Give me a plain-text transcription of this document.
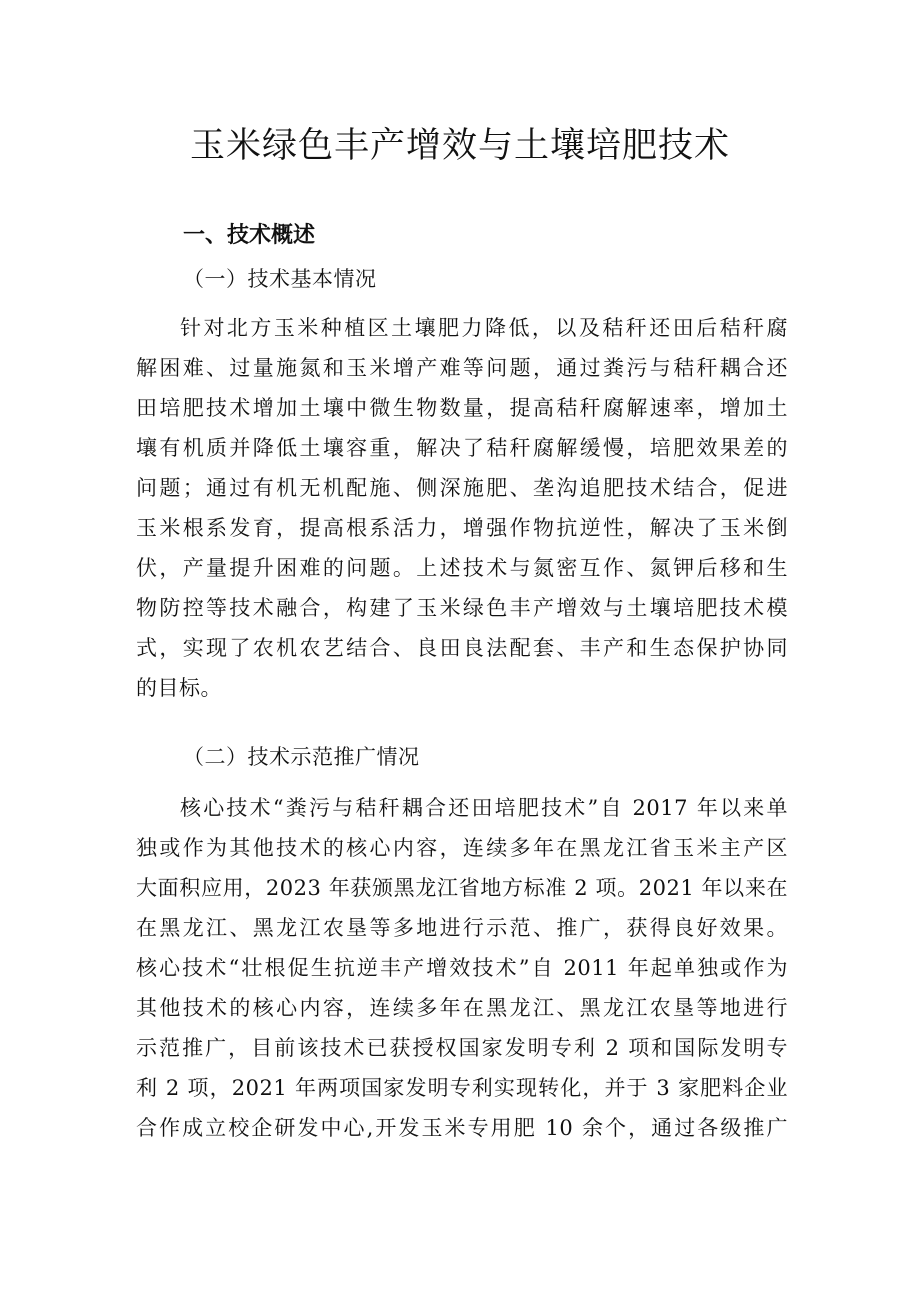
玉米绿色丰产增效与土壤培肥技术
一、技术概述
（一）技术基本情况
针对北方玉米种植区土壤肥力降低，以及秸秆还田后秸秆腐
解困难、过量施氮和玉米增产难等问题，通过粪污与秸秆耦合还
田培肥技术增加土壤中微生物数量，提高秸秆腐解速率，增加土
壤有机质并降低土壤容重，解决了秸秆腐解缓慢，培肥效果差的
问题；通过有机无机配施、侧深施肥、垄沟追肥技术结合，促进
玉米根系发育，提高根系活力，增强作物抗逆性，解决了玉米倒
伏，产量提升困难的问题。上述技术与氮密互作、氮钾后移和生
物防控等技术融合，构建了玉米绿色丰产增效与土壤培肥技术模
式，实现了农机农艺结合、良田良法配套、丰产和生态保护协同
的目标。
（二）技术示范推广情况
核心技术“粪污与秸秆耦合还田培肥技术”自 2017 年以来单
独或作为其他技术的核心内容，连续多年在黑龙江省玉米主产区
大面积应用，2023 年获颁黑龙江省地方标准 2 项。2021 年以来在
在黑龙江、黑龙江农垦等多地进行示范、推广，获得良好效果。
核心技术“壮根促生抗逆丰产增效技术”自 2011 年起单独或作为
其他技术的核心内容，连续多年在黑龙江、黑龙江农垦等地进行
示范推广，目前该技术已获授权国家发明专利 2 项和国际发明专
利 2 项，2021 年两项国家发明专利实现转化，并于 3 家肥料企业
合作成立校企研发中心,开发玉米专用肥 10 余个，通过各级推广
